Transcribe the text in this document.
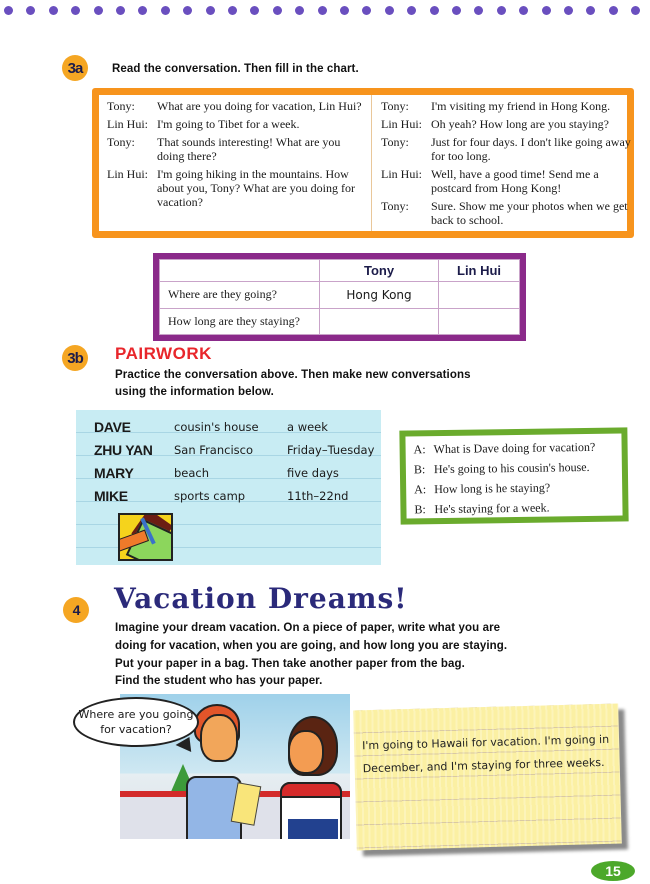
3a	Read the conversation. Then fill in the chart.
Tony:	What are you doing for vacation, Lin Hui?
Lin Hui: I'm going to Tibet for a week.
Tony:	That sounds interesting! What are you doing there?
Lin Hui: I'm going hiking in the mountains. How about you, Tony? What are you doing for vacation?
Tony:	I'm visiting my friend in Hong Kong.
Lin Hui: Oh yeah? How long are you staying?
Tony:	Just for four days. I don't like going away for too long.
Lin Hui: Well, have a good time! Send me a postcard from Hong Kong!
Tony:	Sure. Show me your photos when we get back to school.
	Tony	Lin Hui
Where are they going?	Hong Kong	
How long are they staying?		
3b	PAIRWORK
Practice the conversation above. Then make new conversations
using the information below.
DAVE	cousin's house	a week
ZHU YAN	San Francisco	Friday–Tuesday
MARY	beach	five days
MIKE	sports camp	11th–22nd
A: What is Dave doing for vacation?
B: He's going to his cousin's house.
A: How long is he staying?
B: He's staying for a week.
4	Vacation Dreams!
Imagine your dream vacation. On a piece of paper, write what you are
doing for vacation, when you are going, and how long you are staying.
Put your paper in a bag. Then take another paper from the bag.
Find the student who has your paper.
Where are you going for vacation?
I'm going to Hawaii for vacation. I'm going in
December, and I'm staying for three weeks.
15
